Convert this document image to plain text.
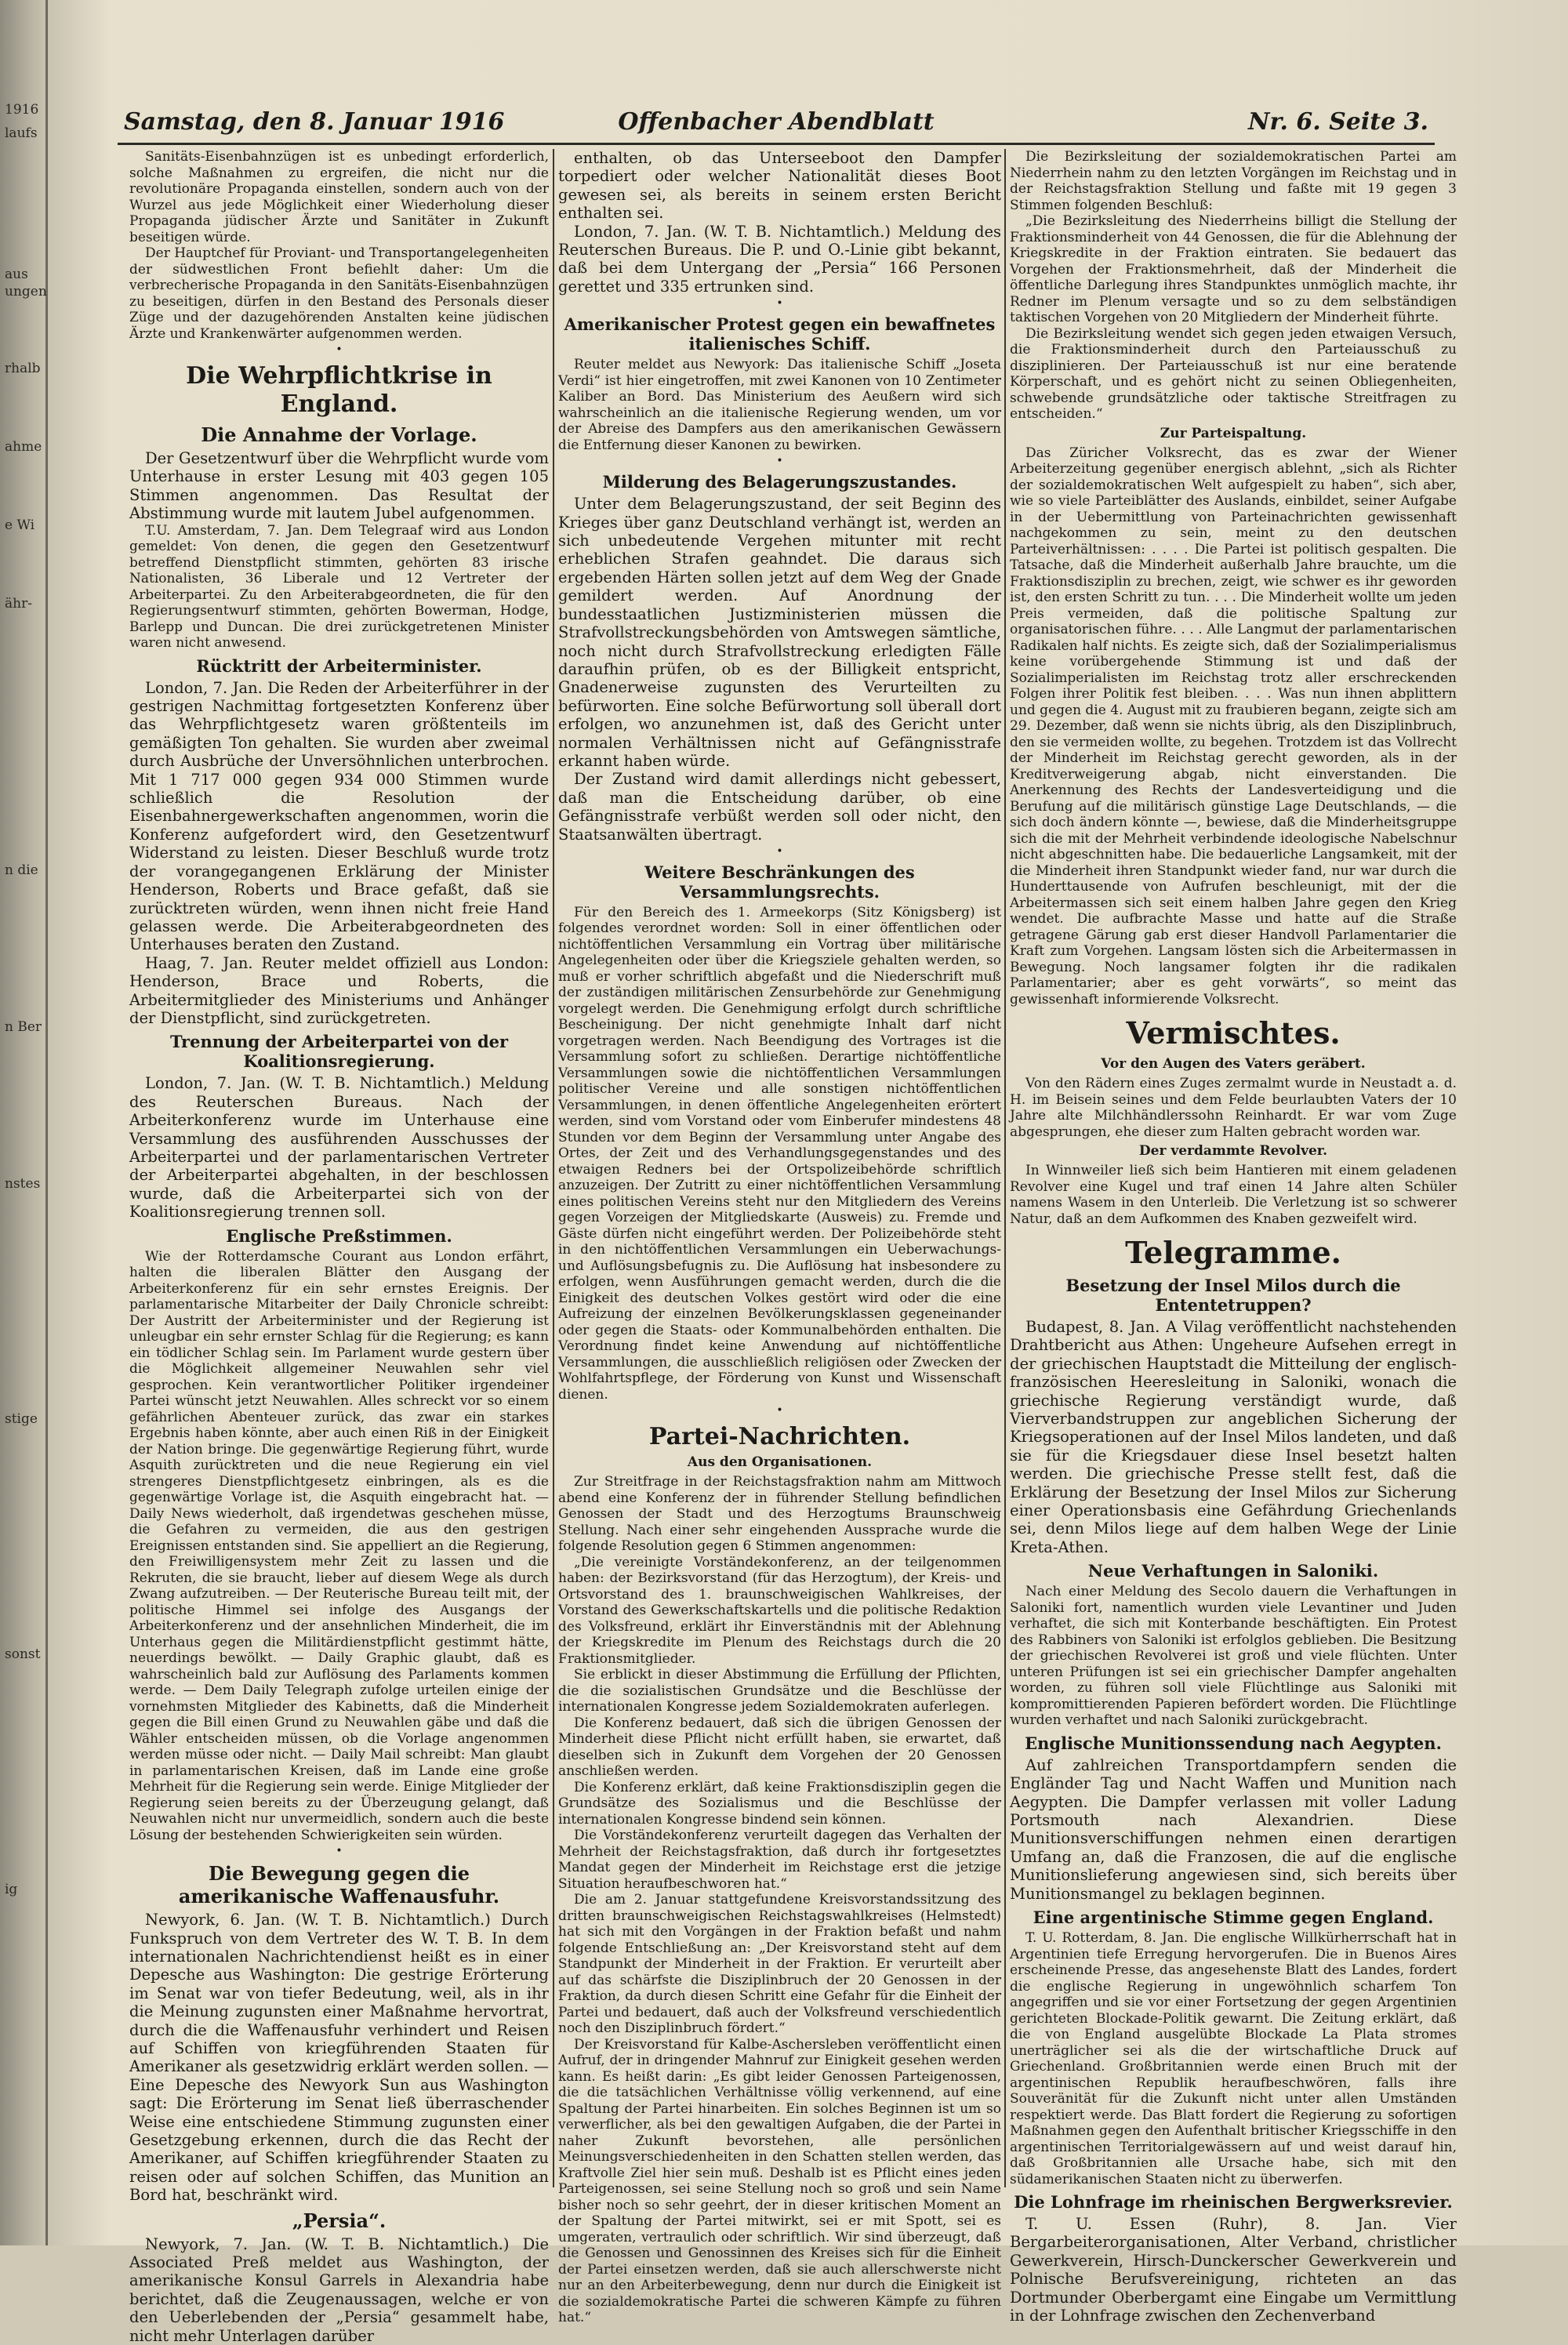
1916
laufs
aus
ungen
rhalb
ahme
e Wi
ähr-
n die
n Ber
nstes
stige
sonst
ig
Samstag, den 8. Januar 1916	Offenbacher Abendblatt	Nr. 6. Seite 3.

Sanitäts-Eisenbahnzügen ist es unbedingt erforderlich, solche Maßnahmen zu ergreifen, die nicht nur die revolutionäre Propaganda einstellen, sondern auch von der Wurzel aus jede Möglichkeit einer Wiederholung dieser Propaganda jüdischer Ärzte und Sanitäter in Zukunft beseitigen würde.

Der Hauptchef für Proviant- und Transportangelegenheiten der südwestlichen Front befiehlt daher: Um die verbrecherische Propaganda in den Sanitäts-Eisenbahnzügen zu beseitigen, dürfen in den Bestand des Personals dieser Züge und der dazugehörenden Anstalten keine jüdischen Ärzte und Krankenwärter aufgenommen werden.

•
Die Wehrpflichtkrise in England.
Die Annahme der Vorlage.

Der Gesetzentwurf über die Wehrpflicht wurde vom Unterhause in erster Lesung mit 403 gegen 105 Stimmen angenommen. Das Resultat der Abstimmung wurde mit lautem Jubel aufgenommen.

T.U. Amsterdam, 7. Jan. Dem Telegraaf wird aus London gemeldet: Von denen, die gegen den Gesetzentwurf betreffend Dienstpflicht stimmten, gehörten 83 irische Nationalisten, 36 Liberale und 12 Vertreter der Arbeiterpartei. Zu den Arbeiterabgeordneten, die für den Regierungsentwurf stimmten, gehörten Bowerman, Hodge, Barlepp und Duncan. Die drei zurückgetretenen Minister waren nicht anwesend.

Rücktritt der Arbeiterminister.

London, 7. Jan. Die Reden der Arbeiterführer in der gestrigen Nachmittag fortgesetzten Konferenz über das Wehrpflichtgesetz waren größtenteils im gemäßigten Ton gehalten. Sie wurden aber zweimal durch Ausbrüche der Unversöhnlichen unterbrochen. Mit 1 717 000 gegen 934 000 Stimmen wurde schließlich die Resolution der Eisenbahnergewerkschaften angenommen, worin die Konferenz aufgefordert wird, den Gesetzentwurf Widerstand zu leisten. Dieser Beschluß wurde trotz der vorangegangenen Erklärung der Minister Henderson, Roberts und Brace gefaßt, daß sie zurücktreten würden, wenn ihnen nicht freie Hand gelassen werde. Die Arbeiterabgeordneten des Unterhauses beraten den Zustand.

Haag, 7. Jan. Reuter meldet offiziell aus London: Henderson, Brace und Roberts, die Arbeitermitglieder des Ministeriums und Anhänger der Dienstpflicht, sind zurückgetreten.

Trennung der Arbeiterpartei von der Koalitionsregierung.

London, 7. Jan. (W. T. B. Nichtamtlich.) Meldung des Reuterschen Bureaus. Nach der Arbeiterkonferenz wurde im Unterhause eine Versammlung des ausführenden Ausschusses der Arbeiterpartei und der parlamentarischen Vertreter der Arbeiterpartei abgehalten, in der beschlossen wurde, daß die Arbeiterpartei sich von der Koalitionsregierung trennen soll.

Englische Preßstimmen.

Wie der Rotterdamsche Courant aus London erfährt, halten die liberalen Blätter den Ausgang der Arbeiterkonferenz für ein sehr ernstes Ereignis. Der parlamentarische Mitarbeiter der Daily Chronicle schreibt: Der Austritt der Arbeiterminister und der Regierung ist unleugbar ein sehr ernster Schlag für die Regierung; es kann ein tödlicher Schlag sein. Im Parlament wurde gestern über die Möglichkeit allgemeiner Neuwahlen sehr viel gesprochen. Kein verantwortlicher Politiker irgendeiner Partei wünscht jetzt Neuwahlen. Alles schreckt vor so einem gefährlichen Abenteuer zurück, das zwar ein starkes Ergebnis haben könnte, aber auch einen Riß in der Einigkeit der Nation bringe. Die gegenwärtige Regierung führt, wurde Asquith zurücktreten und die neue Regierung ein viel strengeres Dienstpflichtgesetz einbringen, als es die gegenwärtige Vorlage ist, die Asquith eingebracht hat. — Daily News wiederholt, daß irgendetwas geschehen müsse, die Gefahren zu vermeiden, die aus den gestrigen Ereignissen entstanden sind. Sie appelliert an die Regierung, den Freiwilligensystem mehr Zeit zu lassen und die Rekruten, die sie braucht, lieber auf diesem Wege als durch Zwang aufzutreiben. — Der Reuterische Bureau teilt mit, der politische Himmel sei infolge des Ausgangs der Arbeiterkonferenz und der ansehnlichen Minderheit, die im Unterhaus gegen die Militärdienstpflicht gestimmt hätte, neuerdings bewölkt. — Daily Graphic glaubt, daß es wahrscheinlich bald zur Auflösung des Parlaments kommen werde. — Dem Daily Telegraph zufolge urteilen einige der vornehmsten Mitglieder des Kabinetts, daß die Minderheit gegen die Bill einen Grund zu Neuwahlen gäbe und daß die Wähler entscheiden müssen, ob die Vorlage angenommen werden müsse oder nicht. — Daily Mail schreibt: Man glaubt in parlamentarischen Kreisen, daß im Lande eine große Mehrheit für die Regierung sein werde. Einige Mitglieder der Regierung seien bereits zu der Überzeugung gelangt, daß Neuwahlen nicht nur unvermeidlich, sondern auch die beste Lösung der bestehenden Schwierigkeiten sein würden.

•
Die Bewegung gegen die amerikanische Waffenausfuhr.

Newyork, 6. Jan. (W. T. B. Nichtamtlich.) Durch Funkspruch von dem Vertreter des W. T. B. In dem internationalen Nachrichtendienst heißt es in einer Depesche aus Washington: Die gestrige Erörterung im Senat war von tiefer Bedeutung, weil, als in ihr die Meinung zugunsten einer Maßnahme hervortrat, durch die die Waffenausfuhr verhindert und Reisen auf Schiffen von kriegführenden Staaten für Amerikaner als gesetzwidrig erklärt werden sollen. — Eine Depesche des Newyork Sun aus Washington sagt: Die Erörterung im Senat ließ überraschender Weise eine entschiedene Stimmung zugunsten einer Gesetzgebung erkennen, durch die das Recht der Amerikaner, auf Schiffen kriegführender Staaten zu reisen oder auf solchen Schiffen, das Munition an Bord hat, beschränkt wird.

„Persia“.

Newyork, 7. Jan. (W. T. B. Nichtamtlich.) Die Associated Preß meldet aus Washington, der amerikanische Konsul Garrels in Alexandria habe berichtet, daß die Zeugenaussagen, welche er von den Ueberlebenden der „Persia“ gesammelt habe, nicht mehr Unterlagen darüber

enthalten, ob das Unterseeboot den Dampfer torpediert oder welcher Nationalität dieses Boot gewesen sei, als bereits in seinem ersten Bericht enthalten sei.

London, 7. Jan. (W. T. B. Nichtamtlich.) Meldung des Reuterschen Bureaus. Die P. und O.-Linie gibt bekannt, daß bei dem Untergang der „Persia“ 166 Personen gerettet und 335 ertrunken sind.

•
Amerikanischer Protest gegen ein bewaffnetes italienisches Schiff.

Reuter meldet aus Newyork: Das italienische Schiff „Joseta Verdi“ ist hier eingetroffen, mit zwei Kanonen von 10 Zentimeter Kaliber an Bord. Das Ministerium des Aeußern wird sich wahrscheinlich an die italienische Regierung wenden, um vor der Abreise des Dampfers aus den amerikanischen Gewässern die Entfernung dieser Kanonen zu bewirken.

•
Milderung des Belagerungszustandes.

Unter dem Belagerungszustand, der seit Beginn des Krieges über ganz Deutschland verhängt ist, werden an sich unbedeutende Vergehen mitunter mit recht erheblichen Strafen geahndet. Die daraus sich ergebenden Härten sollen jetzt auf dem Weg der Gnade gemildert werden. Auf Anordnung der bundesstaatlichen Justizministerien müssen die Strafvollstreckungsbehörden von Amtswegen sämtliche, noch nicht durch Strafvollstreckung erledigten Fälle daraufhin prüfen, ob es der Billigkeit entspricht, Gnadenerweise zugunsten des Verurteilten zu befürworten. Eine solche Befürwortung soll überall dort erfolgen, wo anzunehmen ist, daß des Gericht unter normalen Verhältnissen nicht auf Gefängnisstrafe erkannt haben würde.

Der Zustand wird damit allerdings nicht gebessert, daß man die Entscheidung darüber, ob eine Gefängnisstrafe verbüßt werden soll oder nicht, den Staatsanwälten übertragt.

•
Weitere Beschränkungen des Versammlungsrechts.

Für den Bereich des 1. Armeekorps (Sitz Königsberg) ist folgendes verordnet worden: Soll in einer öffentlichen oder nichtöffentlichen Versammlung ein Vortrag über militärische Angelegenheiten oder über die Kriegsziele gehalten werden, so muß er vorher schriftlich abgefaßt und die Niederschrift muß der zuständigen militärischen Zensurbehörde zur Genehmigung vorgelegt werden. Die Genehmigung erfolgt durch schriftliche Bescheinigung. Der nicht genehmigte Inhalt darf nicht vorgetragen werden. Nach Beendigung des Vortrages ist die Versammlung sofort zu schließen. Derartige nichtöffentliche Versammlungen sowie die nichtöffentlichen Versammlungen politischer Vereine und alle sonstigen nichtöffentlichen Versammlungen, in denen öffentliche Angelegenheiten erörtert werden, sind vom Vorstand oder vom Einberufer mindestens 48 Stunden vor dem Beginn der Versammlung unter Angabe des Ortes, der Zeit und des Verhandlungsgegenstandes und des etwaigen Redners bei der Ortspolizeibehörde schriftlich anzuzeigen. Der Zutritt zu einer nichtöffentlichen Versammlung eines politischen Vereins steht nur den Mitgliedern des Vereins gegen Vorzeigen der Mitgliedskarte (Ausweis) zu. Fremde und Gäste dürfen nicht eingeführt werden. Der Polizeibehörde steht in den nichtöffentlichen Versammlungen ein Ueberwachungs- und Auflösungsbefugnis zu. Die Auflösung hat insbesondere zu erfolgen, wenn Ausführungen gemacht werden, durch die die Einigkeit des deutschen Volkes gestört wird oder die eine Aufreizung der einzelnen Bevölkerungsklassen gegeneinander oder gegen die Staats- oder Kommunalbehörden enthalten. Die Verordnung findet keine Anwendung auf nichtöffentliche Versammlungen, die ausschließlich religiösen oder Zwecken der Wohlfahrtspflege, der Förderung von Kunst und Wissenschaft dienen.

•
Partei-Nachrichten.
Aus den Organisationen.

Zur Streitfrage in der Reichstagsfraktion nahm am Mittwoch abend eine Konferenz der in führender Stellung befindlichen Genossen der Stadt und des Herzogtums Braunschweig Stellung. Nach einer sehr eingehenden Aussprache wurde die folgende Resolution gegen 6 Stimmen angenommen:

„Die vereinigte Vorständekonferenz, an der teilgenommen haben: der Bezirksvorstand (für das Herzogtum), der Kreis- und Ortsvorstand des 1. braunschweigischen Wahlkreises, der Vorstand des Gewerkschaftskartells und die politische Redaktion des Volksfreund, erklärt ihr Einverständnis mit der Ablehnung der Kriegskredite im Plenum des Reichstags durch die 20 Fraktionsmitglieder.

Sie erblickt in dieser Abstimmung die Erfüllung der Pflichten, die die sozialistischen Grundsätze und die Beschlüsse der internationalen Kongresse jedem Sozialdemokraten auferlegen.

Die Konferenz bedauert, daß sich die übrigen Genossen der Minderheit diese Pflicht nicht erfüllt haben, sie erwartet, daß dieselben sich in Zukunft dem Vorgehen der 20 Genossen anschließen werden.

Die Konferenz erklärt, daß keine Fraktionsdisziplin gegen die Grundsätze des Sozialismus und die Beschlüsse der internationalen Kongresse bindend sein können.

Die Vorständekonferenz verurteilt dagegen das Verhalten der Mehrheit der Reichstagsfraktion, daß durch ihr fortgesetztes Mandat gegen der Minderheit im Reichstage erst die jetzige Situation heraufbeschworen hat.“

Die am 2. Januar stattgefundene Kreisvorstandssitzung des dritten braunschweigischen Reichstagswahlkreises (Helmstedt) hat sich mit den Vorgängen in der Fraktion befaßt und nahm folgende Entschließung an: „Der Kreisvorstand steht auf dem Standpunkt der Minderheit in der Fraktion. Er verurteilt aber auf das schärfste die Disziplinbruch der 20 Genossen in der Fraktion, da durch diesen Schritt eine Gefahr für die Einheit der Partei und bedauert, daß auch der Volksfreund verschiedentlich noch den Disziplinbruch fördert.“

Der Kreisvorstand für Kalbe-Aschersleben veröffentlicht einen Aufruf, der in dringender Mahnruf zur Einigkeit gesehen werden kann. Es heißt darin: „Es gibt leider Genossen Parteigenossen, die die tatsächlichen Verhältnisse völlig verkennend, auf eine Spaltung der Partei hinarbeiten. Ein solches Beginnen ist um so verwerflicher, als bei den gewaltigen Aufgaben, die der Partei in naher Zukunft bevorstehen, alle persönlichen Meinungsverschiedenheiten in den Schatten stellen werden, das Kraftvolle Ziel hier sein muß. Deshalb ist es Pflicht eines jeden Parteigenossen, sei seine Stellung noch so groß und sein Name bisher noch so sehr geehrt, der in dieser kritischen Moment an der Spaltung der Partei mitwirkt, sei er mit Spott, sei es umgeraten, vertraulich oder schriftlich. Wir sind überzeugt, daß die Genossen und Genossinnen des Kreises sich für die Einheit der Partei einsetzen werden, daß sie auch allerschwerste nicht nur an den Arbeiterbewegung, denn nur durch die Einigkeit ist die sozialdemokratische Partei die schweren Kämpfe zu führen hat.“

Die Bezirksleitung der sozialdemokratischen Partei am Niederrhein nahm zu den letzten Vorgängen im Reichstag und in der Reichstagsfraktion Stellung und faßte mit 19 gegen 3 Stimmen folgenden Beschluß:

„Die Bezirksleitung des Niederrheins billigt die Stellung der Fraktionsminderheit von 44 Genossen, die für die Ablehnung der Kriegskredite in der Fraktion eintraten. Sie bedauert das Vorgehen der Fraktionsmehrheit, daß der Minderheit die öffentliche Darlegung ihres Standpunktes unmöglich machte, ihr Redner im Plenum versagte und so zu dem selbständigen taktischen Vorgehen von 20 Mitgliedern der Minderheit führte.

Die Bezirksleitung wendet sich gegen jeden etwaigen Versuch, die Fraktionsminderheit durch den Parteiausschuß zu disziplinieren. Der Parteiausschuß ist nur eine beratende Körperschaft, und es gehört nicht zu seinen Obliegenheiten, schwebende grundsätzliche oder taktische Streitfragen zu entscheiden.“

Zur Parteispaltung.

Das Züricher Volksrecht, das es zwar der Wiener Arbeiterzeitung gegenüber energisch ablehnt, „sich als Richter der sozialdemokratischen Welt aufgespielt zu haben“, sich aber, wie so viele Parteiblätter des Auslands, einbildet, seiner Aufgabe in der Uebermittlung von Parteinachrichten gewissenhaft nachgekommen zu sein, meint zu den deutschen Parteiverhältnissen: . . . . Die Partei ist politisch gespalten. Die Tatsache, daß die Minderheit außerhalb Jahre brauchte, um die Fraktionsdisziplin zu brechen, zeigt, wie schwer es ihr geworden ist, den ersten Schritt zu tun. . . . Die Minderheit wollte um jeden Preis vermeiden, daß die politische Spaltung zur organisatorischen führe. . . . Alle Langmut der parlamentarischen Radikalen half nichts. Es zeigte sich, daß der Sozialimperialismus keine vorübergehende Stimmung ist und daß der Sozialimperialisten im Reichstag trotz aller erschreckenden Folgen ihrer Politik fest bleiben. . . . Was nun ihnen abplittern und gegen die 4. August mit zu fraubieren begann, zeigte sich am 29. Dezember, daß wenn sie nichts übrig, als den Disziplinbruch, den sie vermeiden wollte, zu begehen. Trotzdem ist das Vollrecht der Minderheit im Reichstag gerecht geworden, als in der Kreditverweigerung abgab, nicht einverstanden. Die Anerkennung des Rechts der Landesverteidigung und die Berufung auf die militärisch günstige Lage Deutschlands, — die sich doch ändern könnte —, bewiese, daß die Minderheitsgruppe sich die mit der Mehrheit verbindende ideologische Nabelschnur nicht abgeschnitten habe. Die bedauerliche Langsamkeit, mit der die Minderheit ihren Standpunkt wieder fand, nur war durch die Hunderttausende von Aufrufen beschleunigt, mit der die Arbeitermassen sich seit einem halben Jahre gegen den Krieg wendet. Die aufbrachte Masse und hatte auf die Straße getragene Gärung gab erst dieser Handvoll Parlamentarier die Kraft zum Vorgehen. Langsam lösten sich die Arbeitermassen in Bewegung. Noch langsamer folgten ihr die radikalen Parlamentarier; aber es geht vorwärts“, so meint das gewissenhaft informierende Volksrecht.

Vermischtes.
Vor den Augen des Vaters geräbert.

Von den Rädern eines Zuges zermalmt wurde in Neustadt a. d. H. im Beisein seines und dem Felde beurlaubten Vaters der 10 Jahre alte Milchhändlerssohn Reinhardt. Er war vom Zuge abgesprungen, ehe dieser zum Halten gebracht worden war.

Der verdammte Revolver.

In Winnweiler ließ sich beim Hantieren mit einem geladenen Revolver eine Kugel und traf einen 14 Jahre alten Schüler namens Wasem in den Unterleib. Die Verletzung ist so schwerer Natur, daß an dem Aufkommen des Knaben gezweifelt wird.

Telegramme.
Besetzung der Insel Milos durch die Ententetruppen?

Budapest, 8. Jan. A Vilag veröffentlicht nachstehenden Drahtbericht aus Athen: Ungeheure Aufsehen erregt in der griechischen Hauptstadt die Mitteilung der englisch-französischen Heeresleitung in Saloniki, wonach die griechische Regierung verständigt wurde, daß Vierverbandstruppen zur angeblichen Sicherung der Kriegsoperationen auf der Insel Milos landeten, und daß sie für die Kriegsdauer diese Insel besetzt halten werden. Die griechische Presse stellt fest, daß die Erklärung der Besetzung der Insel Milos zur Sicherung einer Operationsbasis eine Gefährdung Griechenlands sei, denn Milos liege auf dem halben Wege der Linie Kreta-Athen.

Neue Verhaftungen in Saloniki.

Nach einer Meldung des Secolo dauern die Verhaftungen in Saloniki fort, namentlich wurden viele Levantiner und Juden verhaftet, die sich mit Konterbande beschäftigten. Ein Protest des Rabbiners von Saloniki ist erfolglos geblieben. Die Besitzung der griechischen Revolverei ist groß und viele flüchten. Unter unteren Prüfungen ist sei ein griechischer Dampfer angehalten worden, zu führen soll viele Flüchtlinge aus Saloniki mit kompromittierenden Papieren befördert worden. Die Flüchtlinge wurden verhaftet und nach Saloniki zurückgebracht.

Englische Munitionssendung nach Aegypten.

Auf zahlreichen Transportdampfern senden die Engländer Tag und Nacht Waffen und Munition nach Aegypten. Die Dampfer verlassen mit voller Ladung Portsmouth nach Alexandrien. Diese Munitionsverschiffungen nehmen einen derartigen Umfang an, daß die Franzosen, die auf die englische Munitionslieferung angewiesen sind, sich bereits über Munitionsmangel zu beklagen beginnen.

Eine argentinische Stimme gegen England.

T. U. Rotterdam, 8. Jan. Die englische Willkürherrschaft hat in Argentinien tiefe Erregung hervorgerufen. Die in Buenos Aires erscheinende Presse, das angesehenste Blatt des Landes, fordert die englische Regierung in ungewöhnlich scharfem Ton angegriffen und sie vor einer Fortsetzung der gegen Argentinien gerichteten Blockade-Politik gewarnt. Die Zeitung erklärt, daß die von England ausgelübte Blockade La Plata stromes unerträglicher sei als die der wirtschaftliche Druck auf Griechenland. Großbritannien werde einen Bruch mit der argentinischen Republik heraufbeschwören, falls ihre Souveränität für die Zukunft nicht unter allen Umständen respektiert werde. Das Blatt fordert die Regierung zu sofortigen Maßnahmen gegen den Aufenthalt britischer Kriegsschiffe in den argentinischen Territorialgewässern auf und weist darauf hin, daß Großbritannien alle Ursache habe, sich mit den südamerikanischen Staaten nicht zu überwerfen.

Die Lohnfrage im rheinischen Bergwerksrevier.

T. U. Essen (Ruhr), 8. Jan. Vier Bergarbeiterorganisationen, Alter Verband, christlicher Gewerkverein, Hirsch-Dunckerscher Gewerkverein und Polnische Berufsvereinigung, richteten an das Dortmunder Oberbergamt eine Eingabe um Vermittlung in der Lohnfrage zwischen den Zechenverband
